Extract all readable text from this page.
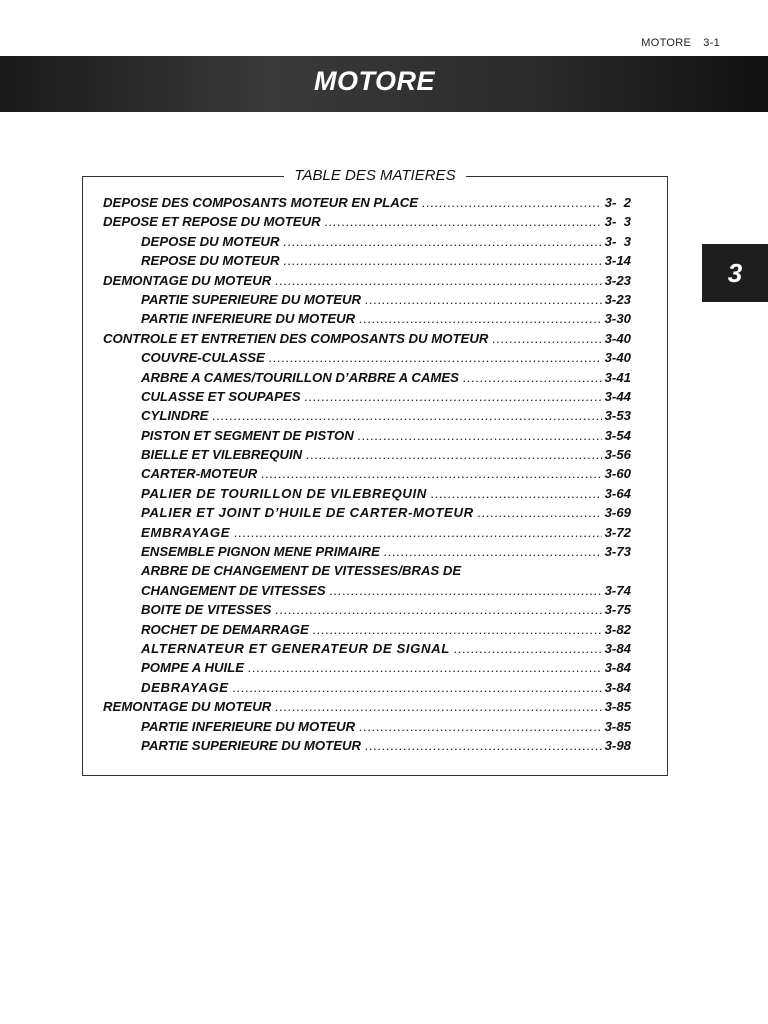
MOTORE 3-1
MOTORE
3
TABLE DES MATIERES
DEPOSE DES COMPOSANTS MOTEUR EN PLACE .....	3-  2
DEPOSE ET REPOSE DU MOTEUR .....	3-  3
DEPOSE DU MOTEUR .....	3-  3
REPOSE DU MOTEUR .....	3-14
DEMONTAGE DU MOTEUR .....	3-23
PARTIE SUPERIEURE DU MOTEUR .....	3-23
PARTIE INFERIEURE DU MOTEUR .....	3-30
CONTROLE ET ENTRETIEN DES COMPOSANTS DU MOTEUR .....	3-40
COUVRE-CULASSE .....	3-40
ARBRE A CAMES/TOURILLON D’ARBRE A CAMES .....	3-41
CULASSE ET SOUPAPES .....	3-44
CYLINDRE .....	3-53
PISTON ET SEGMENT DE PISTON .....	3-54
BIELLE ET VILEBREQUIN .....	3-56
CARTER-MOTEUR .....	3-60
PALIER DE TOURILLON DE VILEBREQUIN .....	3-64
PALIER ET JOINT D’HUILE DE CARTER-MOTEUR .....	3-69
EMBRAYAGE .....	3-72
ENSEMBLE PIGNON MENE PRIMAIRE .....	3-73
ARBRE DE CHANGEMENT DE VITESSES/BRAS DE
CHANGEMENT DE VITESSES .....	3-74
BOITE DE VITESSES .....	3-75
ROCHET DE DEMARRAGE .....	3-82
ALTERNATEUR ET GENERATEUR DE SIGNAL .....	3-84
POMPE A HUILE .....	3-84
DEBRAYAGE .....	3-84
REMONTAGE DU MOTEUR .....	3-85
PARTIE INFERIEURE DU MOTEUR .....	3-85
PARTIE SUPERIEURE DU MOTEUR .....	3-98
